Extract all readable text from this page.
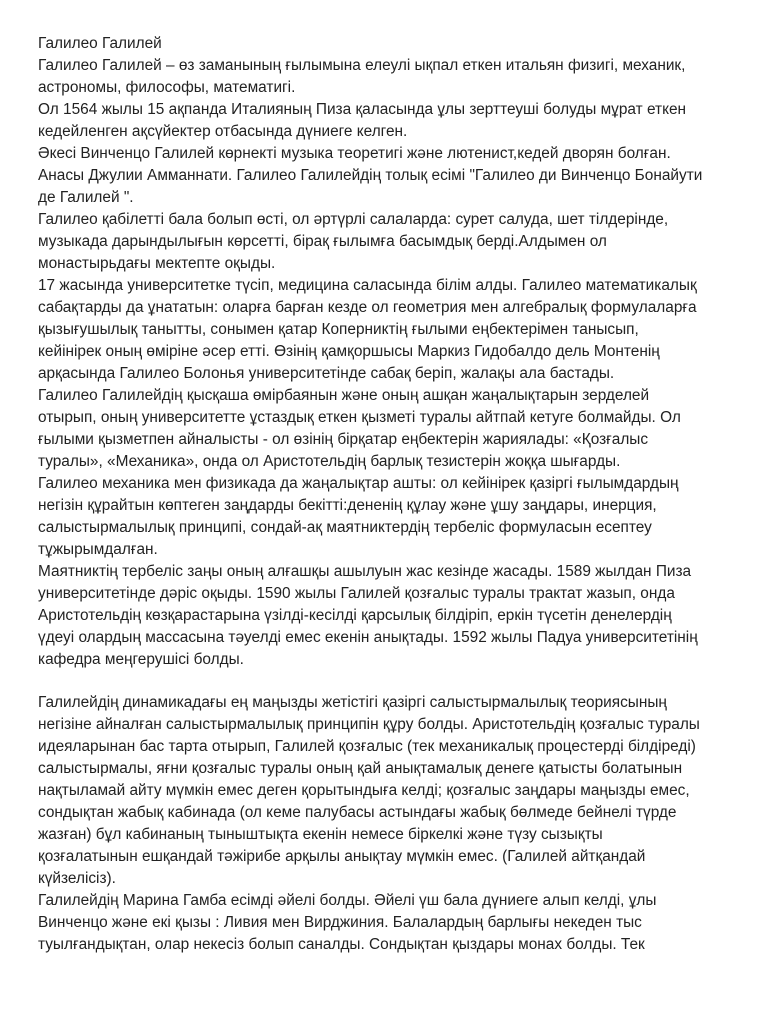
Галилео Галилей
Галилео Галилей – өз заманының ғылымына елеулі ықпал еткен итальян физигі, механик,
астрономы, философы, математигі.
Ол 1564 жылы 15 ақпанда Италияның Пиза қаласында ұлы зерттеуші болуды мұрат еткен
кедейленген ақсүйектер отбасында дүниеге келген.
Әкесі Винченцо Галилей көрнекті музыка теоретигі және лютенист,кедей дворян болған.
Анасы Джулии Амманнати. Галилео Галилейдің толық есімі "Галилео ди Винченцо Бонайути
де Галилей ".
Галилео қабілетті бала болып өсті, ол әртүрлі салаларда: сурет салуда, шет тілдерінде,
музыкада дарындылығын көрсетті, бірақ ғылымға басымдық берді.Алдымен ол
монастырьдағы мектепте оқыды.
17 жасында университетке түсіп, медицина саласында білім алды. Галилео математикалық
сабақтарды да ұнататын: оларға барған кезде ол геометрия мен алгебралық формулаларға
қызығушылық танытты, сонымен қатар Коперниктің ғылыми еңбектерімен танысып,
кейінірек оның өміріне әсер етті. Өзінің қамқоршысы Маркиз Гидобалдо дель Монтенің
арқасында Галилео Болонья университетінде сабақ беріп, жалақы ала бастады.
Галилео Галилейдің қысқаша өмірбаянын және оның ашқан жаңалықтарын зерделей
отырып, оның университетте ұстаздық еткен қызметі туралы айтпай кетуге болмайды. Ол
ғылыми қызметпен айналысты - ол өзінің бірқатар еңбектерін жариялады: «Қозғалыс
туралы», «Механика», онда ол Аристотельдің барлық тезистерін жоққа шығарды.
Галилео механика мен физикада да жаңалықтар ашты: ол кейінірек қазіргі ғылымдардың
негізін құрайтын көптеген заңдарды бекітті:дененің құлау және ұшу заңдары, инерция,
салыстырмалылық принципі, сондай-ақ маятниктердің тербеліс формуласын есептеу
тұжырымдалған.
Маятниктің тербеліс заңы оның алғашқы ашылуын жас кезінде жасады. 1589 жылдан Пиза
университетінде дәріс оқыды. 1590 жылы Галилей қозғалыс туралы трактат жазып, онда
Аристотельдің көзқарастарына үзілді-кесілді қарсылық білдіріп, еркін түсетін денелердің
үдеуі олардың массасына тәуелді емес екенін анықтады. 1592 жылы Падуа университетінің
кафедра меңгерушісі болды.
Галилейдің динамикадағы ең маңызды жетістігі қазіргі салыстырмалылық теориясының
негізіне айналған салыстырмалылық принципін құру болды. Аристотельдің қозғалыс туралы
идеяларынан бас тарта отырып, Галилей қозғалыс (тек механикалық процестерді білдіреді)
салыстырмалы, яғни қозғалыс туралы оның қай анықтамалық денеге қатысты болатынын
нақтыламай айту мүмкін емес деген қорытындыға келді; қозғалыс заңдары маңызды емес,
сондықтан жабық кабинада (ол кеме палубасы астындағы жабық бөлмеде бейнелі түрде
жазған) бұл кабинаның тыныштықта екенін немесе біркелкі және түзу сызықты
қозғалатынын ешқандай тәжірибе арқылы анықтау мүмкін емес. (Галилей айтқандай
күйзелісіз).
Галилейдің Марина Гамба есімді әйелі болды. Әйелі үш бала дүниеге алып келді, ұлы
Винченцо және екі қызы : Ливия мен Вирджиния. Балалардың барлығы некеден тыс
туылғандықтан, олар некесіз болып саналды. Сондықтан қыздары монах болды. Тек
